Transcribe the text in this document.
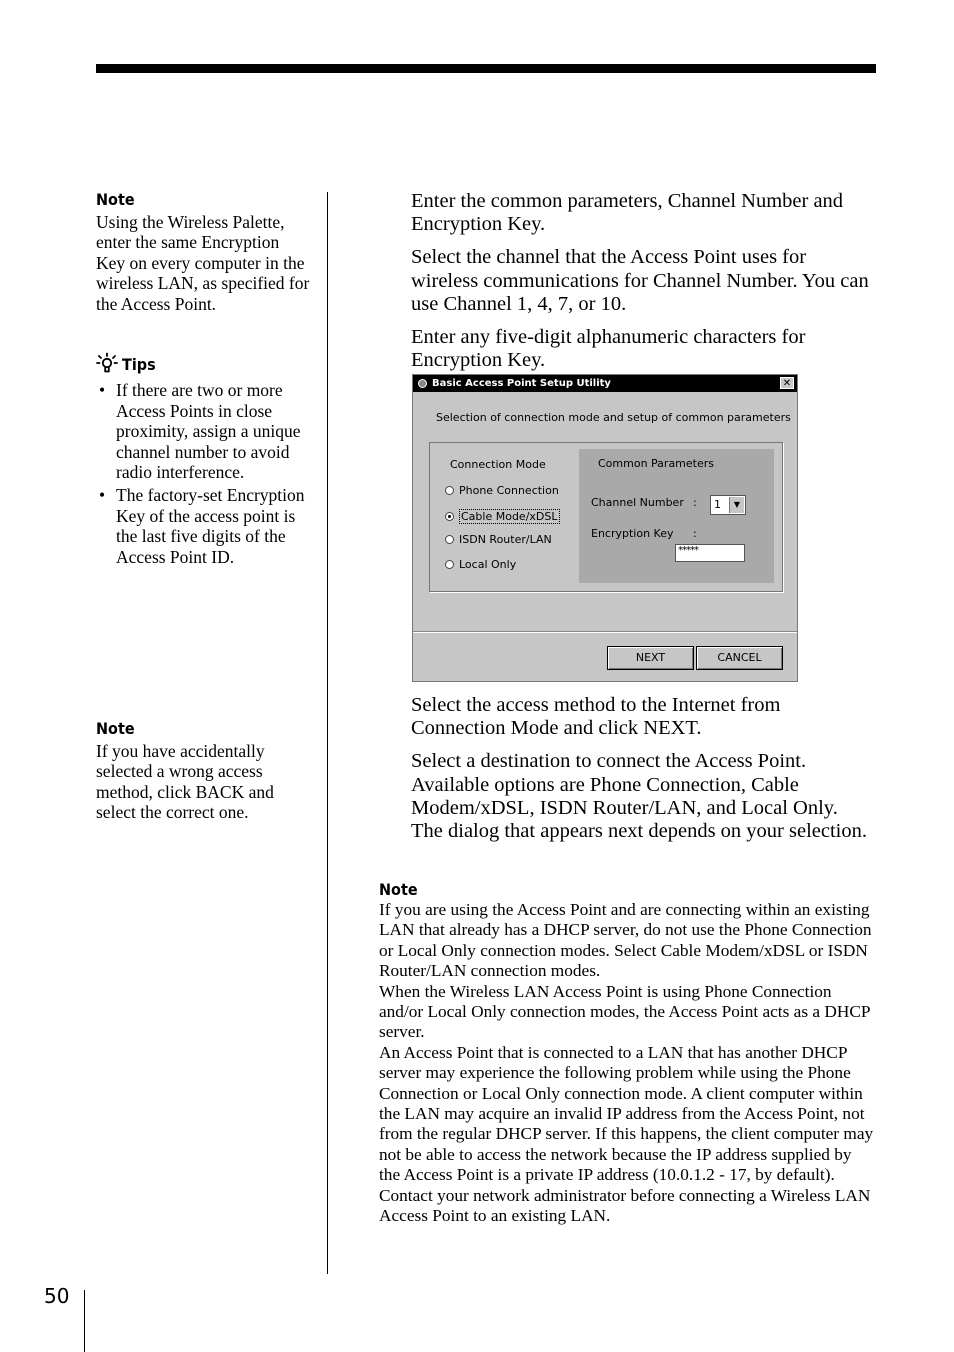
50
Note

Using the Wireless Palette, enter the same Encryption Key on every computer in the wireless LAN, as specified for the Access Point.

Tips
• If there are two or more Access Points in close proximity, assign a unique channel number to avoid radio interference.
• The factory-set Encryption Key of the access point is the last five digits of the Access Point ID.
Note

If you have accidentally selected a wrong access method, click BACK and select the correct one.

Enter the common parameters, Channel Number and Encryption Key.

Select the channel that the Access Point uses for wireless communications for Channel Number. You can use Channel 1, 4, 7, or 10.

Enter any five-digit alphanumeric characters for Encryption Key.

Basic Access Point Setup Utility	✕
Selection of connection mode and setup of common parameters
Connection Mode
Phone Connection
Cable Mode/xDSL
ISDN Router/LAN
Local Only
Common Parameters
Channel Number :	1	▼
Encryption Key :
*****
NEXT	CANCEL

Select the access method to the Internet from Connection Mode and click NEXT.

Select a destination to connect the Access Point. Available options are Phone Connection, Cable Modem/xDSL, ISDN Router/LAN, and Local Only. The dialog that appears next depends on your selection.

Note

If you are using the Access Point and are connecting within an existing LAN that already has a DHCP server, do not use the Phone Connection or Local Only connection modes. Select Cable Modem/xDSL or ISDN Router/LAN connection modes.

When the Wireless LAN Access Point is using Phone Connection and/or Local Only connection modes, the Access Point acts as a DHCP server.

An Access Point that is connected to a LAN that has another DHCP server may experience the following problem while using the Phone Connection or Local Only connection mode. A client computer within the LAN may acquire an invalid IP address from the Access Point, not from the regular DHCP server. If this happens, the client computer may not be able to access the network because the IP address supplied by the Access Point is a private IP address (10.0.1.2 - 17, by default). Contact your network administrator before connecting a Wireless LAN Access Point to an existing LAN.
